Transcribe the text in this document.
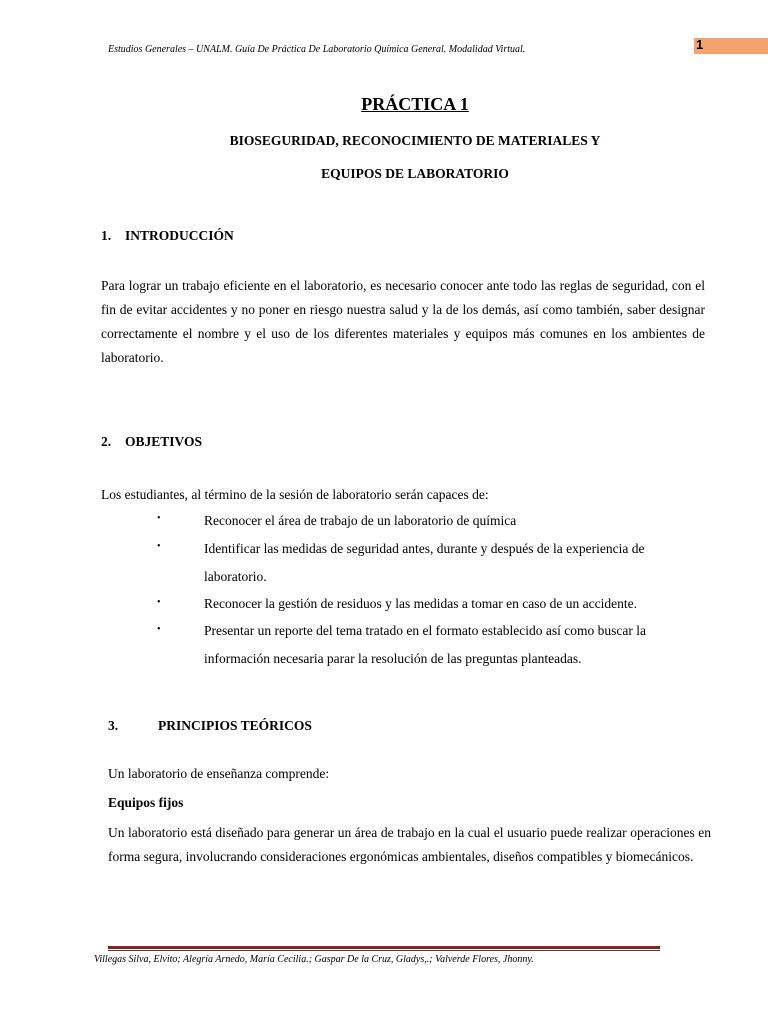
Estudios Generales – UNALM. Guía De Práctica De Laboratorio Química General. Modalidad Virtual.	1
PRÁCTICA 1
BIOSEGURIDAD, RECONOCIMIENTO DE MATERIALES Y
EQUIPOS DE LABORATORIO
1. INTRODUCCIÓN
Para lograr un trabajo eficiente en el laboratorio, es necesario conocer ante todo las reglas de seguridad, con el fin de evitar accidentes y no poner en riesgo nuestra salud y la de los demás, así como también, saber designar correctamente el nombre y el uso de los diferentes materiales y equipos más comunes en los ambientes de laboratorio.
2. OBJETIVOS
Los estudiantes, al término de la sesión de laboratorio serán capaces de:
•	Reconocer el área de trabajo de un laboratorio de química
•	Identificar las medidas de seguridad antes, durante y después de la experiencia de laboratorio.
•	Reconocer la gestión de residuos y las medidas a tomar en caso de un accidente.
•	Presentar un reporte del tema tratado en el formato establecido así como buscar la información necesaria parar la resolución de las preguntas planteadas.
3.	PRINCIPIOS TEÓRICOS
Un laboratorio de enseñanza comprende:
Equipos fijos
Un laboratorio está diseñado para generar un área de trabajo en la cual el usuario puede realizar operaciones en forma segura, involucrando consideraciones ergonómicas ambientales, diseños compatibles y biomecánicos.
Villegas Silva, Elvito; Alegría Arnedo, María Cecilia.; Gaspar De la Cruz, Gladys,.; Valverde Flores, Jhonny.
